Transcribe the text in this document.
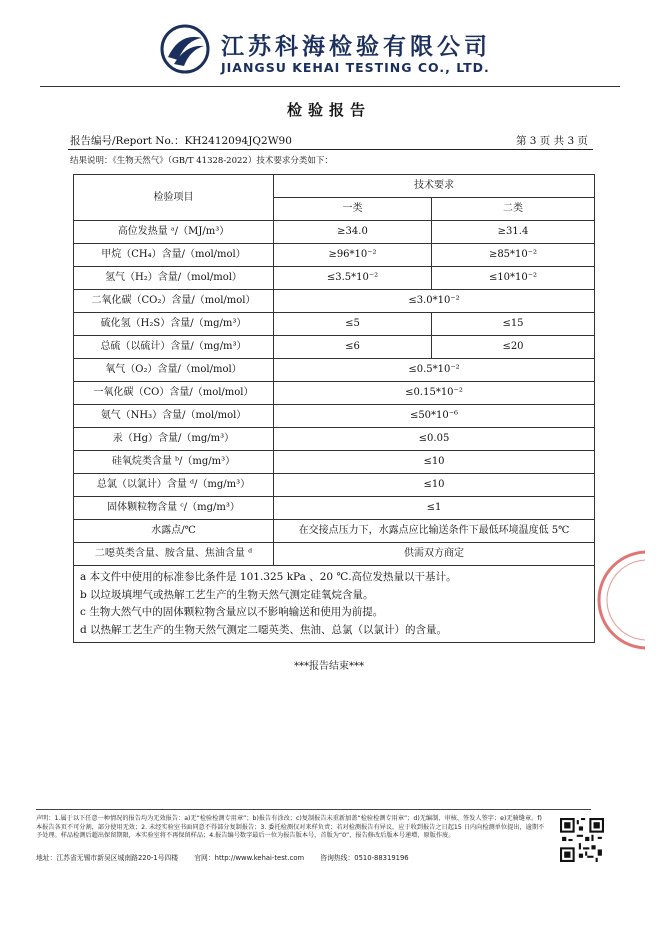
江苏科海检验有限公司
JIANGSU KEHAI TESTING CO., LTD.
检验报告
报告编号/Report No.：KH2412094JQ2W90	第 3 页 共 3 页
结果说明：《生物天然气》（GB/T 41328-2022）技术要求分类如下：
检验项目	技术要求	
	一类	二类
高位发热量 ᵃ/（MJ/m³）	≥34.0	≥31.4
甲烷（CH₄）含量/（mol/mol）	≥96*10⁻²	≥85*10⁻²
氢气（H₂）含量/（mol/mol）	≤3.5*10⁻²	≤10*10⁻²
二氧化碳（CO₂）含量/（mol/mol）	≤3.0*10⁻²	
硫化氢（H₂S）含量/（mg/m³）	≤5	≤15
总硫（以硫计）含量/（mg/m³）	≤6	≤20
氧气（O₂）含量/（mol/mol）	≤0.5*10⁻²	
一氧化碳（CO）含量/（mol/mol）	≤0.15*10⁻²	
氨气（NH₃）含量/（mol/mol）	≤50*10⁻⁶	
汞（Hg）含量/（mg/m³）	≤0.05	
硅氧烷类含量 ᵇ/（mg/m³）	≤10	
总氯（以氯计）含量 ᵈ/（mg/m³）	≤10	
固体颗粒物含量 ᶜ/（mg/m³）	≤1	
水露点/℃	在交接点压力下，水露点应比输送条件下最低环境温度低 5℃	
二噁英类含量、胺含量、焦油含量 ᵈ	供需双方商定	

a 本文件中使用的标准参比条件是 101.325 kPa 、20 ℃.高位发热量以干基计。
b 以垃圾填埋气或热解工艺生产的生物天然气测定硅氧烷含量。
c 生物大然气中的固体颗粒物含量应以不影响输送和使用为前提。
d 以热解工艺生产的生物天然气测定二噁英类、焦油、总氯（以氯计）的含量。		
***报告结束***
声明：1.属于以下任意一种情况的报告均为无效报告：a)无“检验检测专用章”；b)报告有涂改；c)复制报告未重新加盖“检验检测专用章”；d)无编制、审核、签发人签字；e)无骑缝章。f)本报告各页不可分割，部分使用无效；2. 未经实验室书面同意不得部分复制报告；3. 委托检测仅对来样负责；若对检测报告有异议，应于收到报告之日起15 日内向检测单位提出，逾期不予处理。样品检测后超出保留期限，本实验室将不再保留样品；4.报告编号数字最后一位为报告版本号，首版为“0”，报告修改后版本号递增，原版作废。
地址：江苏省无锡市新吴区城南路220-1号四楼 官网：http://www.kehai-test.com 咨询热线：0510-88319196
